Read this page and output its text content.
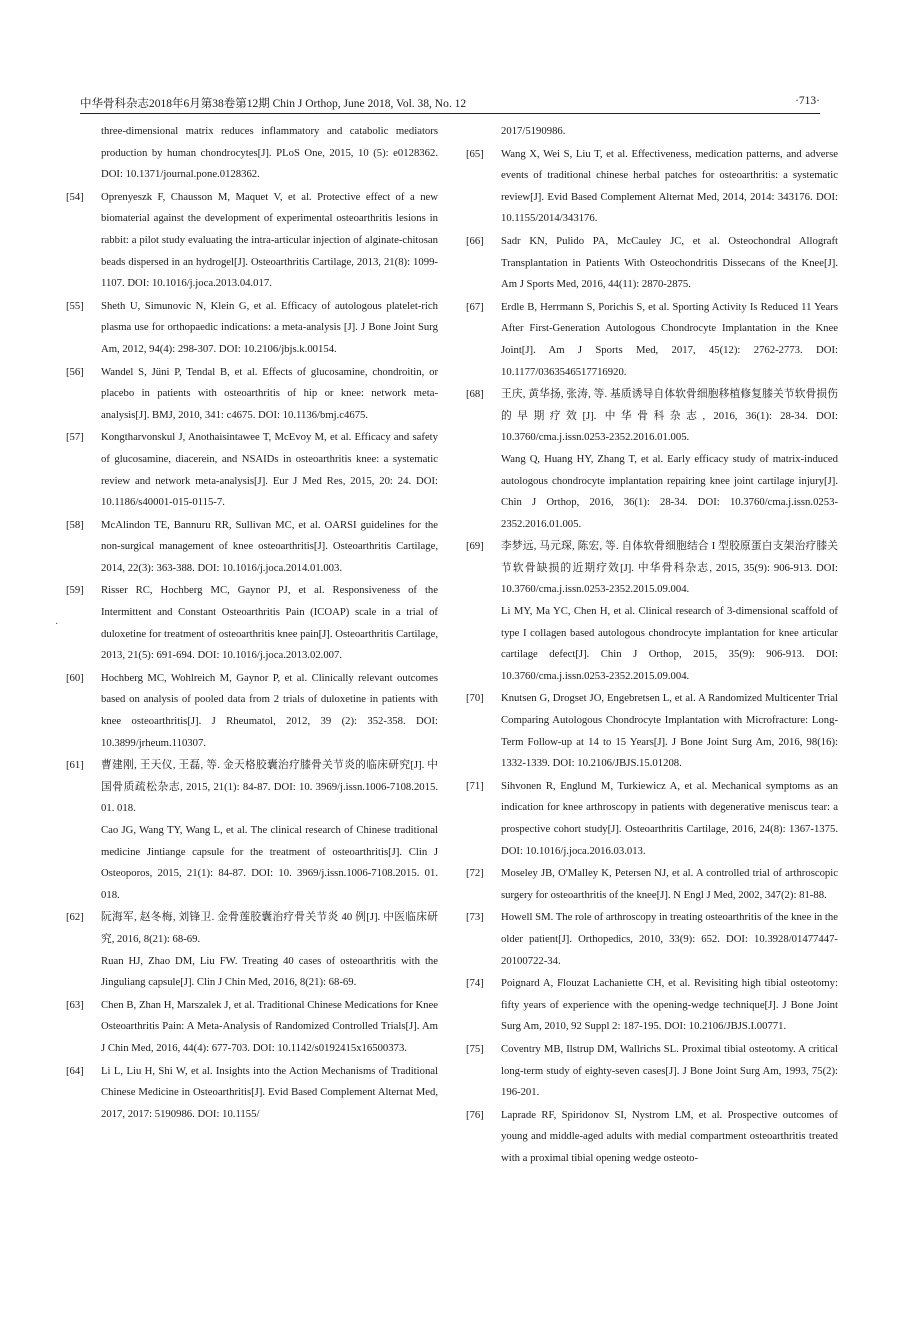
中华骨科杂志2018年6月第38卷第12期 Chin J Orthop, June 2018, Vol. 38, No. 12	·713·
·
three-dimensional matrix reduces inflammatory and catabolic mediators production by human chondrocytes[J]. PLoS One, 2015, 10 (5): e0128362. DOI: 10.1371/journal.pone.0128362.
[54]	Oprenyeszk F, Chausson M, Maquet V, et al. Protective effect of a new biomaterial against the development of experimental osteoarthritis lesions in rabbit: a pilot study evaluating the intra-articular injection of alginate-chitosan beads dispersed in an hydrogel[J]. Osteoarthritis Cartilage, 2013, 21(8): 1099-1107. DOI: 10.1016/j.joca.2013.04.017.
[55]	Sheth U, Simunovic N, Klein G, et al. Efficacy of autologous platelet-rich plasma use for orthopaedic indications: a meta-analysis [J]. J Bone Joint Surg Am, 2012, 94(4): 298-307. DOI: 10.2106/jbjs.k.00154.
[56]	Wandel S, Jüni P, Tendal B, et al. Effects of glucosamine, chondroitin, or placebo in patients with osteoarthritis of hip or knee: network meta-analysis[J]. BMJ, 2010, 341: c4675. DOI: 10.1136/bmj.c4675.
[57]	Kongtharvonskul J, Anothaisintawee T, McEvoy M, et al. Efficacy and safety of glucosamine, diacerein, and NSAIDs in osteoarthritis knee: a systematic review and network meta-analysis[J]. Eur J Med Res, 2015, 20: 24. DOI: 10.1186/s40001-015-0115-7.
[58]	McAlindon TE, Bannuru RR, Sullivan MC, et al. OARSI guidelines for the non-surgical management of knee osteoarthritis[J]. Osteoarthritis Cartilage, 2014, 22(3): 363-388. DOI: 10.1016/j.joca.2014.01.003.
[59]	Risser RC, Hochberg MC, Gaynor PJ, et al. Responsiveness of the Intermittent and Constant Osteoarthritis Pain (ICOAP) scale in a trial of duloxetine for treatment of osteoarthritis knee pain[J]. Osteoarthritis Cartilage, 2013, 21(5): 691-694. DOI: 10.1016/j.joca.2013.02.007.
[60]	Hochberg MC, Wohlreich M, Gaynor P, et al. Clinically relevant outcomes based on analysis of pooled data from 2 trials of duloxetine in patients with knee osteoarthritis[J]. J Rheumatol, 2012, 39 (2): 352-358. DOI: 10.3899/jrheum.110307.
[61]	曹建刚, 王天仪, 王磊, 等. 金天格胶囊治疗膝骨关节炎的临床研究[J]. 中国骨质疏松杂志, 2015, 21(1): 84-87. DOI: 10. 3969/j.issn.1006-7108.2015. 01. 018.
Cao JG, Wang TY, Wang L, et al. The clinical research of Chinese traditional medicine Jintiange capsule for the treatment of osteoarthritis[J]. Clin J Osteoporos, 2015, 21(1): 84-87. DOI: 10. 3969/j.issn.1006-7108.2015. 01. 018.
[62]	阮海军, 赵冬梅, 刘锋卫. 金骨莲胶囊治疗骨关节炎 40 例[J]. 中医临床研究, 2016, 8(21): 68-69.
Ruan HJ, Zhao DM, Liu FW. Treating 40 cases of osteoarthritis with the Jinguliang capsule[J]. Clin J Chin Med, 2016, 8(21): 68-69.
[63]	Chen B, Zhan H, Marszalek J, et al. Traditional Chinese Medications for Knee Osteoarthritis Pain: A Meta-Analysis of Randomized Controlled Trials[J]. Am J Chin Med, 2016, 44(4): 677-703. DOI: 10.1142/s0192415x16500373.
[64]	Li L, Liu H, Shi W, et al. Insights into the Action Mechanisms of Traditional Chinese Medicine in Osteoarthritis[J]. Evid Based Complement Alternat Med, 2017, 2017: 5190986. DOI: 10.1155/
2017/5190986.
[65]	Wang X, Wei S, Liu T, et al. Effectiveness, medication patterns, and adverse events of traditional chinese herbal patches for osteoarthritis: a systematic review[J]. Evid Based Complement Alternat Med, 2014, 2014: 343176. DOI: 10.1155/2014/343176.
[66]	Sadr KN, Pulido PA, McCauley JC, et al. Osteochondral Allograft Transplantation in Patients With Osteochondritis Dissecans of the Knee[J]. Am J Sports Med, 2016, 44(11): 2870-2875.
[67]	Erdle B, Herrmann S, Porichis S, et al. Sporting Activity Is Reduced 11 Years After First-Generation Autologous Chondrocyte Implantation in the Knee Joint[J]. Am J Sports Med, 2017, 45(12): 2762-2773. DOI: 10.1177/0363546517716920.
[68]	王庆, 黄华扬, 张涛, 等. 基质诱导自体软骨细胞移植修复膝关节软骨损伤的早期疗效[J]. 中华骨科杂志, 2016, 36(1): 28-34. DOI: 10.3760/cma.j.issn.0253-2352.2016.01.005.
Wang Q, Huang HY, Zhang T, et al. Early efficacy study of matrix-induced autologous chondrocyte implantation repairing knee joint cartilage injury[J]. Chin J Orthop, 2016, 36(1): 28-34. DOI: 10.3760/cma.j.issn.0253-2352.2016.01.005.
[69]	李梦远, 马元琛, 陈宏, 等. 自体软骨细胞结合 I 型胶原蛋白支架治疗膝关节软骨缺损的近期疗效[J]. 中华骨科杂志, 2015, 35(9): 906-913. DOI: 10.3760/cma.j.issn.0253-2352.2015.09.004.
Li MY, Ma YC, Chen H, et al. Clinical research of 3-dimensional scaffold of type I collagen based autologous chondrocyte implantation for knee articular cartilage defect[J]. Chin J Orthop, 2015, 35(9): 906-913. DOI: 10.3760/cma.j.issn.0253-2352.2015.09.004.
[70]	Knutsen G, Drogset JO, Engebretsen L, et al. A Randomized Multicenter Trial Comparing Autologous Chondrocyte Implantation with Microfracture: Long-Term Follow-up at 14 to 15 Years[J]. J Bone Joint Surg Am, 2016, 98(16): 1332-1339. DOI: 10.2106/JBJS.15.01208.
[71]	Sihvonen R, Englund M, Turkiewicz A, et al. Mechanical symptoms as an indication for knee arthroscopy in patients with degenerative meniscus tear: a prospective cohort study[J]. Osteoarthritis Cartilage, 2016, 24(8): 1367-1375. DOI: 10.1016/j.joca.2016.03.013.
[72]	Moseley JB, O'Malley K, Petersen NJ, et al. A controlled trial of arthroscopic surgery for osteoarthritis of the knee[J]. N Engl J Med, 2002, 347(2): 81-88.
[73]	Howell SM. The role of arthroscopy in treating osteoarthritis of the knee in the older patient[J]. Orthopedics, 2010, 33(9): 652. DOI: 10.3928/01477447-20100722-34.
[74]	Poignard A, Flouzat Lachaniette CH, et al. Revisiting high tibial osteotomy: fifty years of experience with the opening-wedge technique[J]. J Bone Joint Surg Am, 2010, 92 Suppl 2: 187-195. DOI: 10.2106/JBJS.I.00771.
[75]	Coventry MB, Ilstrup DM, Wallrichs SL. Proximal tibial osteotomy. A critical long-term study of eighty-seven cases[J]. J Bone Joint Surg Am, 1993, 75(2): 196-201.
[76]	Laprade RF, Spiridonov SI, Nystrom LM, et al. Prospective outcomes of young and middle-aged adults with medial compartment osteoarthritis treated with a proximal tibial opening wedge osteoto-
